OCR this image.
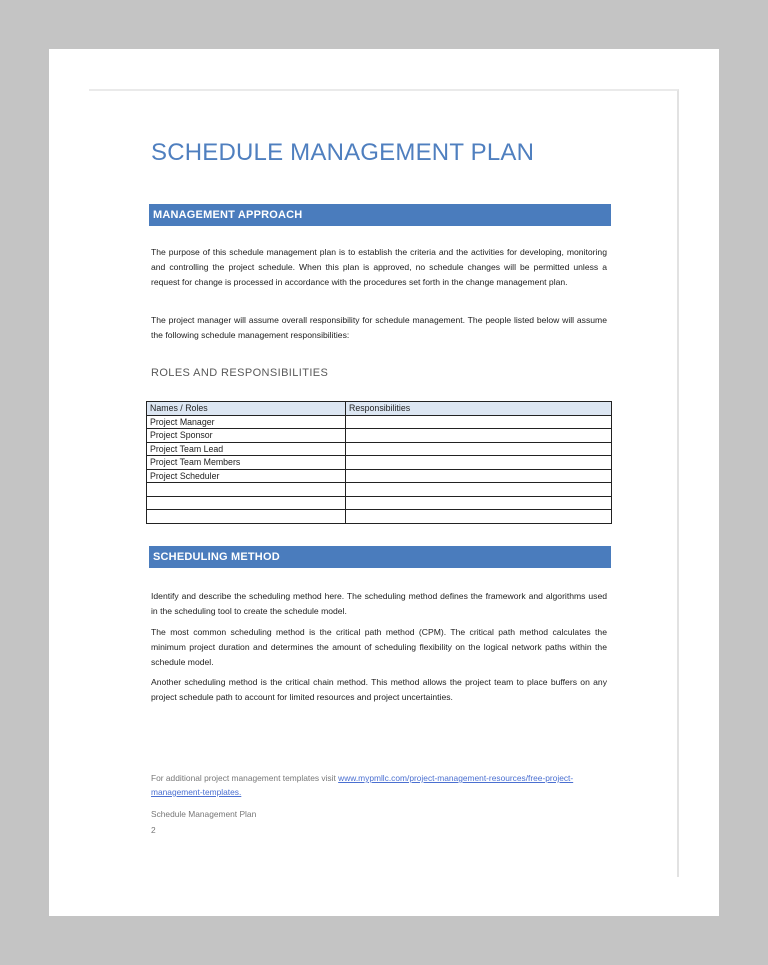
SCHEDULE MANAGEMENT PLAN
MANAGEMENT APPROACH

The purpose of this schedule management plan is to establish the criteria and the activities for developing, monitoring and controlling the project schedule. When this plan is approved, no schedule changes will be permitted unless a request for change is processed in accordance with the procedures set forth in the change management plan.

The project manager will assume overall responsibility for schedule management. The people listed below will assume the following schedule management responsibilities:

ROLES AND RESPONSIBILITIES
Names / Roles	Responsibilities
Project Manager	
Project Sponsor	
Project Team Lead	
Project Team Members	
Project Scheduler	

SCHEDULING METHOD

Identify and describe the scheduling method here. The scheduling method defines the framework and algorithms used in the scheduling tool to create the schedule model.

The most common scheduling method is the critical path method (CPM). The critical path method calculates the minimum project duration and determines the amount of scheduling flexibility on the logical network paths within the schedule model.

Another scheduling method is the critical chain method. This method allows the project team to place buffers on any project schedule path to account for limited resources and project uncertainties.

For additional project management templates visit www.mypmllc.com/project-management-resources/free-project-management-templates.
Schedule Management Plan
2
